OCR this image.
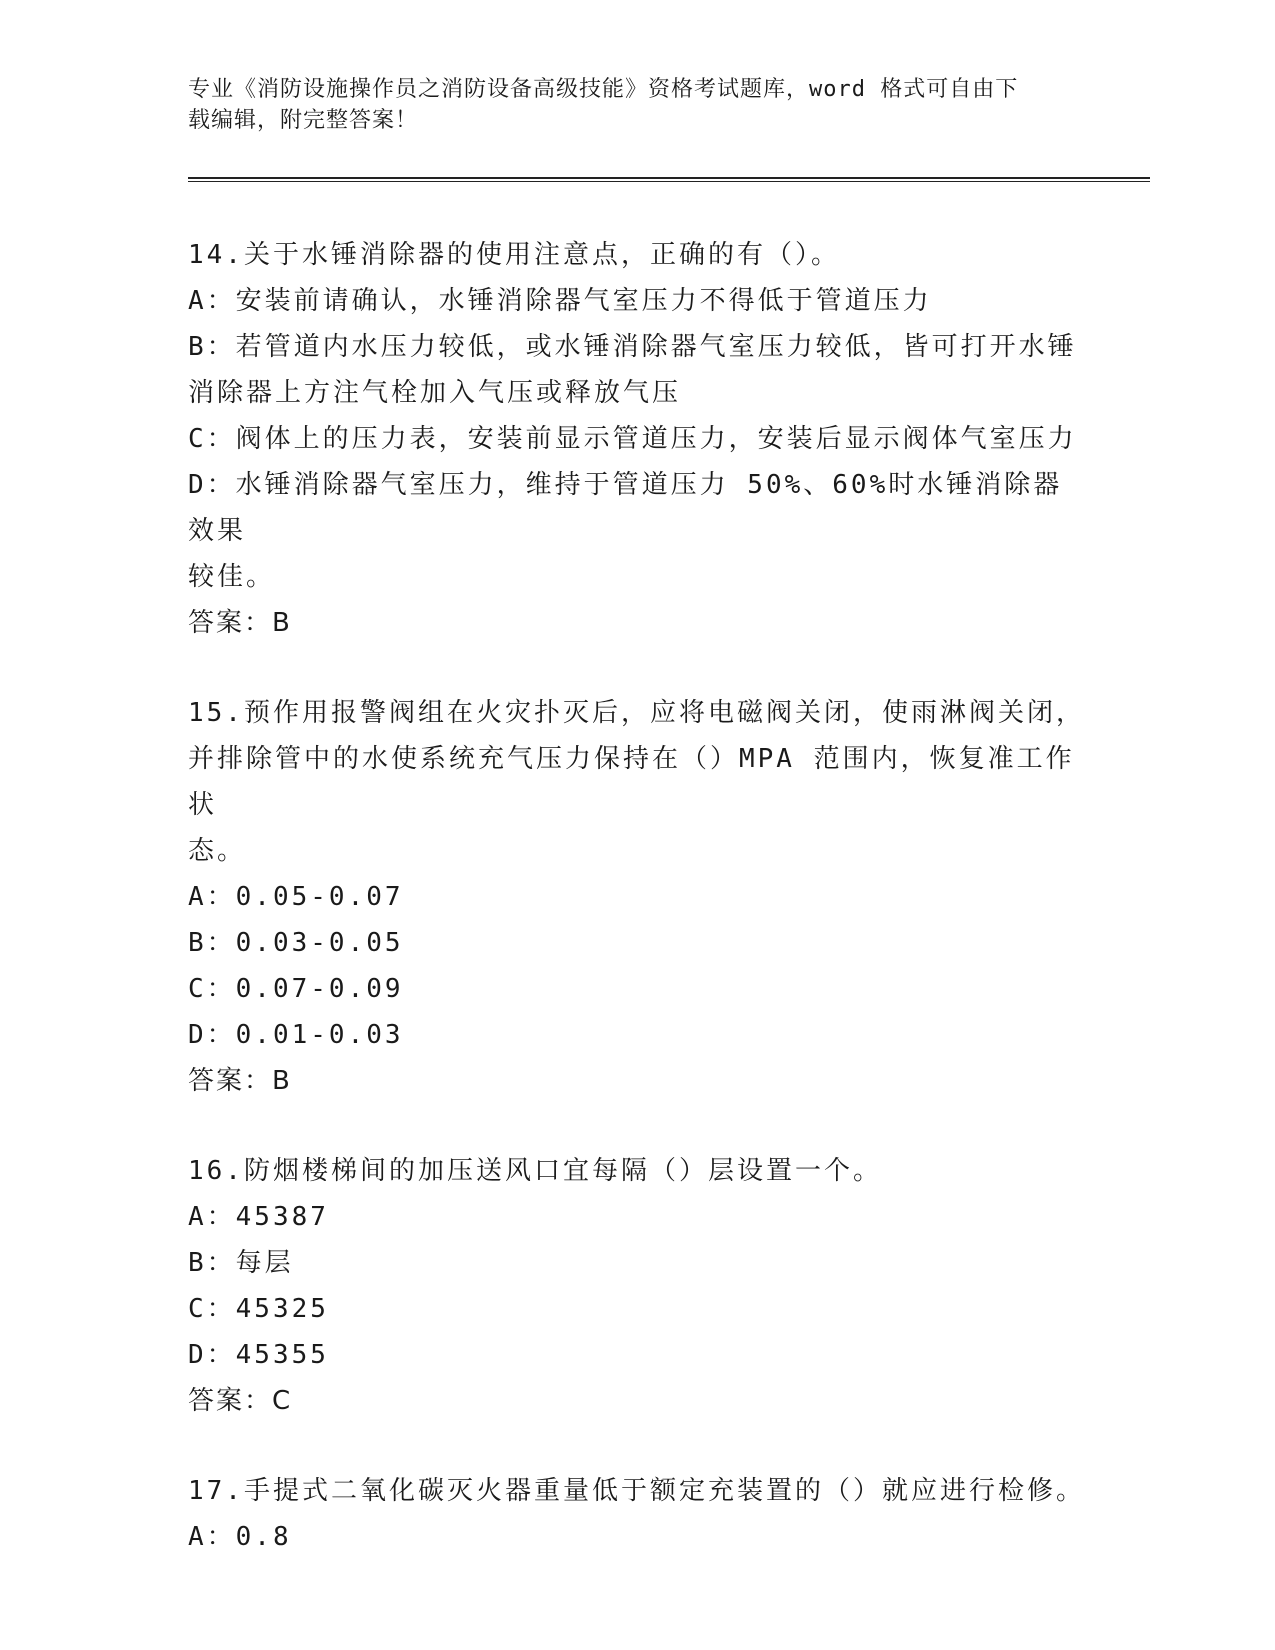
专业《消防设施操作员之消防设备高级技能》资格考试题库，word 格式可自由下
载编辑，附完整答案！
14.关于水锤消除器的使用注意点，正确的有（）。
A：安装前请确认，水锤消除器气室压力不得低于管道压力
B：若管道内水压力较低，或水锤消除器气室压力较低，皆可打开水锤
消除器上方注气栓加入气压或释放气压
C：阀体上的压力表，安装前显示管道压力，安装后显示阀体气室压力
D：水锤消除器气室压力，维持于管道压力 50%、60%时水锤消除器效果
较佳。
答案：B
15.预作用报警阀组在火灾扑灭后，应将电磁阀关闭，使雨淋阀关闭，
并排除管中的水使系统充气压力保持在（）MPA 范围内，恢复准工作状
态。
A：0.05-0.07
B：0.03-0.05
C：0.07-0.09
D：0.01-0.03
答案：B
16.防烟楼梯间的加压送风口宜每隔（）层设置一个。
A：45387
B：每层
C：45325
D：45355
答案：C
17.手提式二氧化碳灭火器重量低于额定充装置的（）就应进行检修。
A：0.8
